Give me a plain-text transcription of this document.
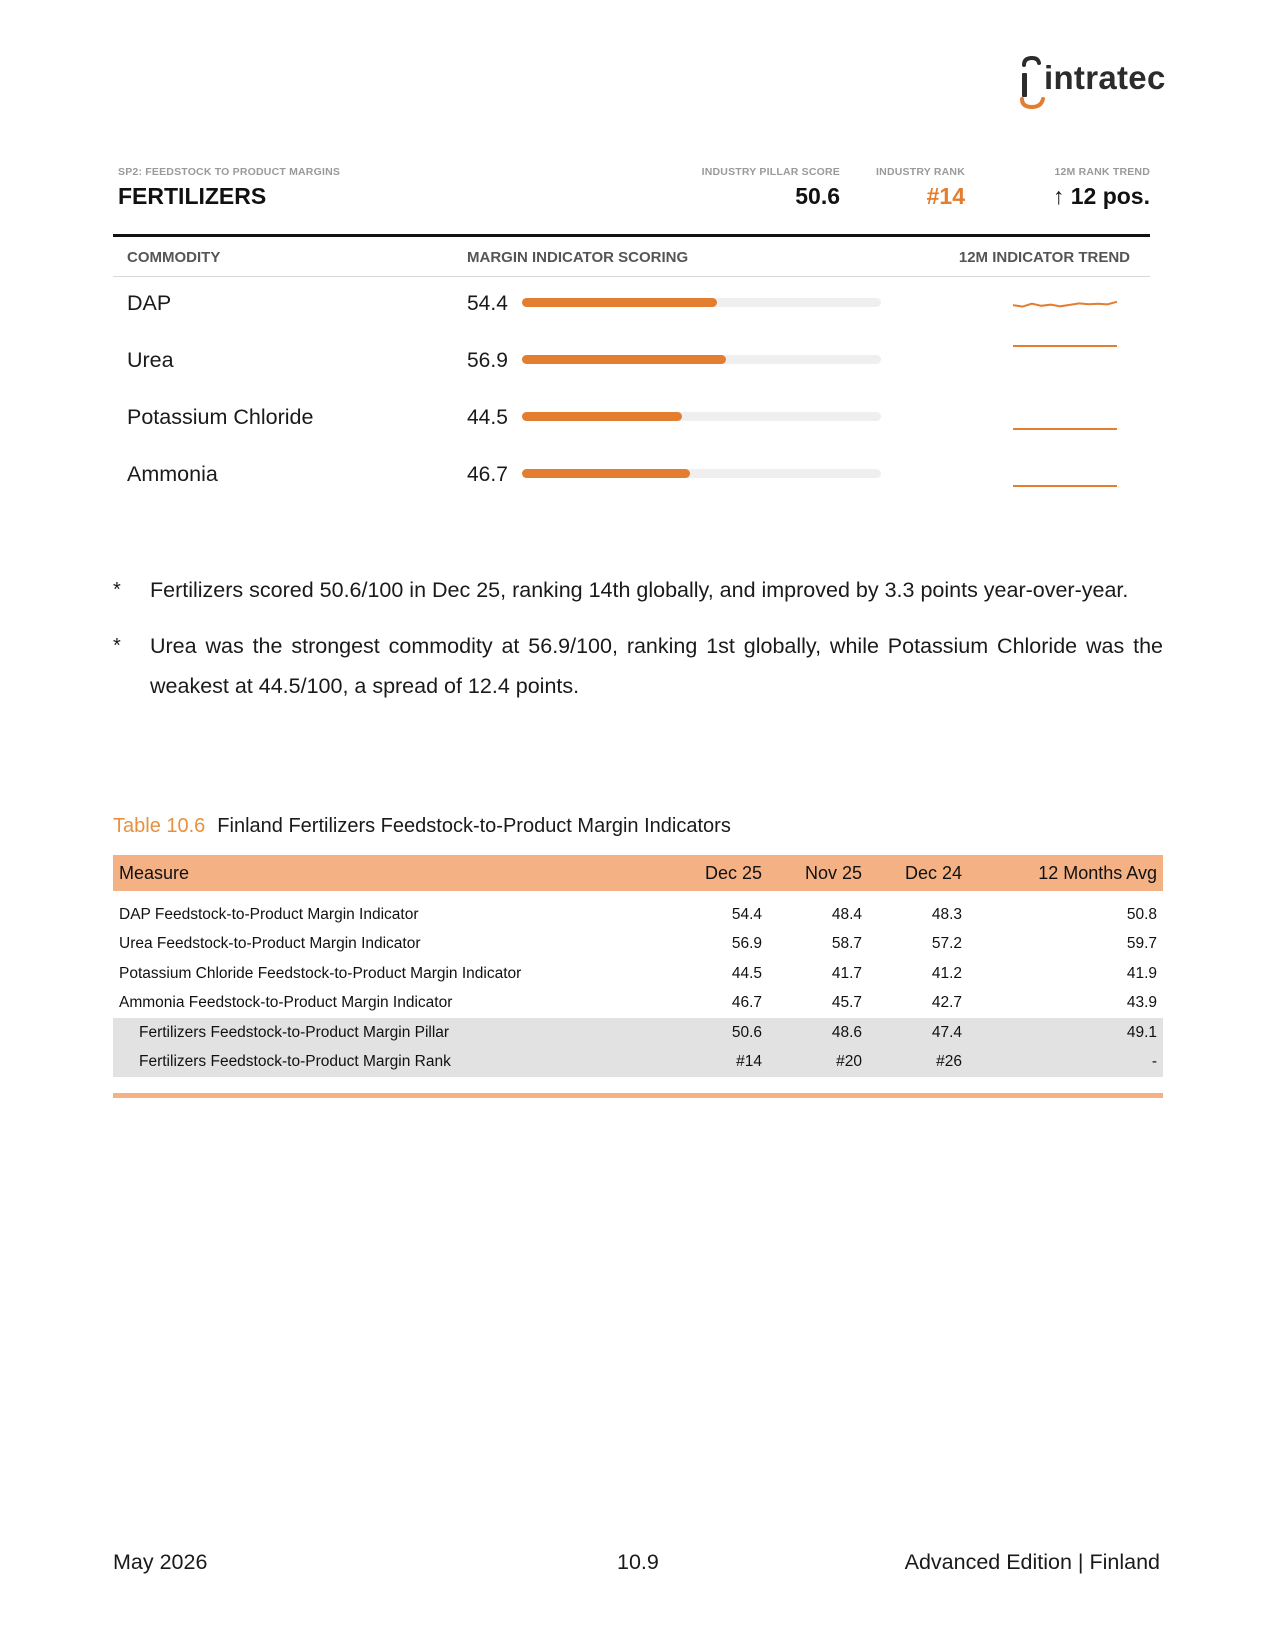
intratec
SP2: FEEDSTOCK TO PRODUCT MARGINS
FERTILIZERS
INDUSTRY PILLAR SCORE
50.6
INDUSTRY RANK
#14
12M RANK TREND
↑ 12 pos.
COMMODITY	MARGIN INDICATOR SCORING	12M INDICATOR TREND
DAP	54.4
Urea	56.9
Potassium Chloride	44.5
Ammonia	46.7

* Fertilizers scored 50.6/100 in Dec 25, ranking 14th globally, and improved by 3.3 points year-over-year.

* Urea was the strongest commodity at 56.9/100, ranking 1st globally, while Potassium Chloride was the weakest at 44.5/100, a spread of 12.4 points.

Table 10.6 Finland Fertilizers Feedstock-to-Product Margin Indicators
Measure	Dec 25	Nov 25	Dec 24	12 Months Avg

DAP Feedstock-to-Product Margin Indicator	54.4	48.4	48.3	50.8
Urea Feedstock-to-Product Margin Indicator	56.9	58.7	57.2	59.7
Potassium Chloride Feedstock-to-Product Margin Indicator	44.5	41.7	41.2	41.9
Ammonia Feedstock-to-Product Margin Indicator	46.7	45.7	42.7	43.9
Fertilizers Feedstock-to-Product Margin Pillar	50.6	48.6	47.4	49.1
Fertilizers Feedstock-to-Product Margin Rank	#14	#20	#26	-
May 2026	10.9	Advanced Edition | Finland
